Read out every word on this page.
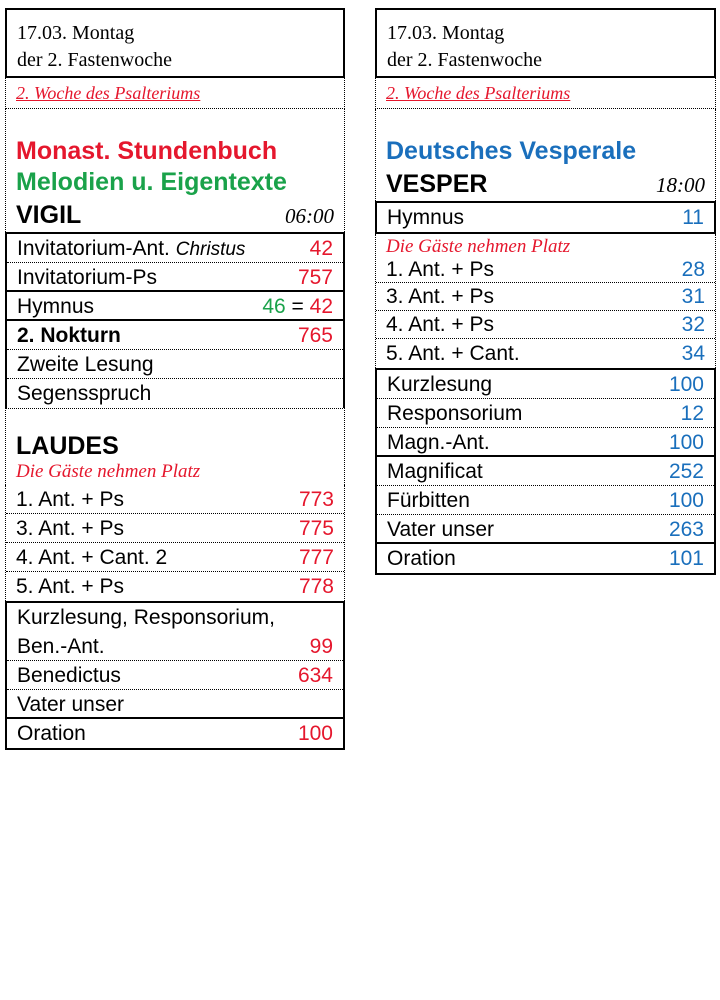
17.03. Montag
der 2. Fastenwoche
2. Woche des Psalteriums
Monast. Stundenbuch
Melodien u. Eigentexte
VIGIL	06:00
Invitatorium-Ant. Christus	42
Invitatorium-Ps	757
Hymnus	46 = 42
2. Nokturn	765
Zweite Lesung
Segensspruch
LAUDES
Die Gäste nehmen Platz
1. Ant. + Ps	773
3. Ant. + Ps	775
4. Ant. + Cant. 2	777
5. Ant. + Ps	778
Kurzlesung, Responsorium,
Ben.-Ant.	99
Benedictus	634
Vater unser
Oration	100
17.03. Montag
der 2. Fastenwoche
2. Woche des Psalteriums
Deutsches Vesperale
VESPER	18:00
Hymnus	11
Die Gäste nehmen Platz
1. Ant. + Ps	28
3. Ant. + Ps	31
4. Ant. + Ps	32
5. Ant. + Cant.	34
Kurzlesung	100
Responsorium	12
Magn.-Ant.	100
Magnificat	252
Fürbitten	100
Vater unser	263
Oration	101
